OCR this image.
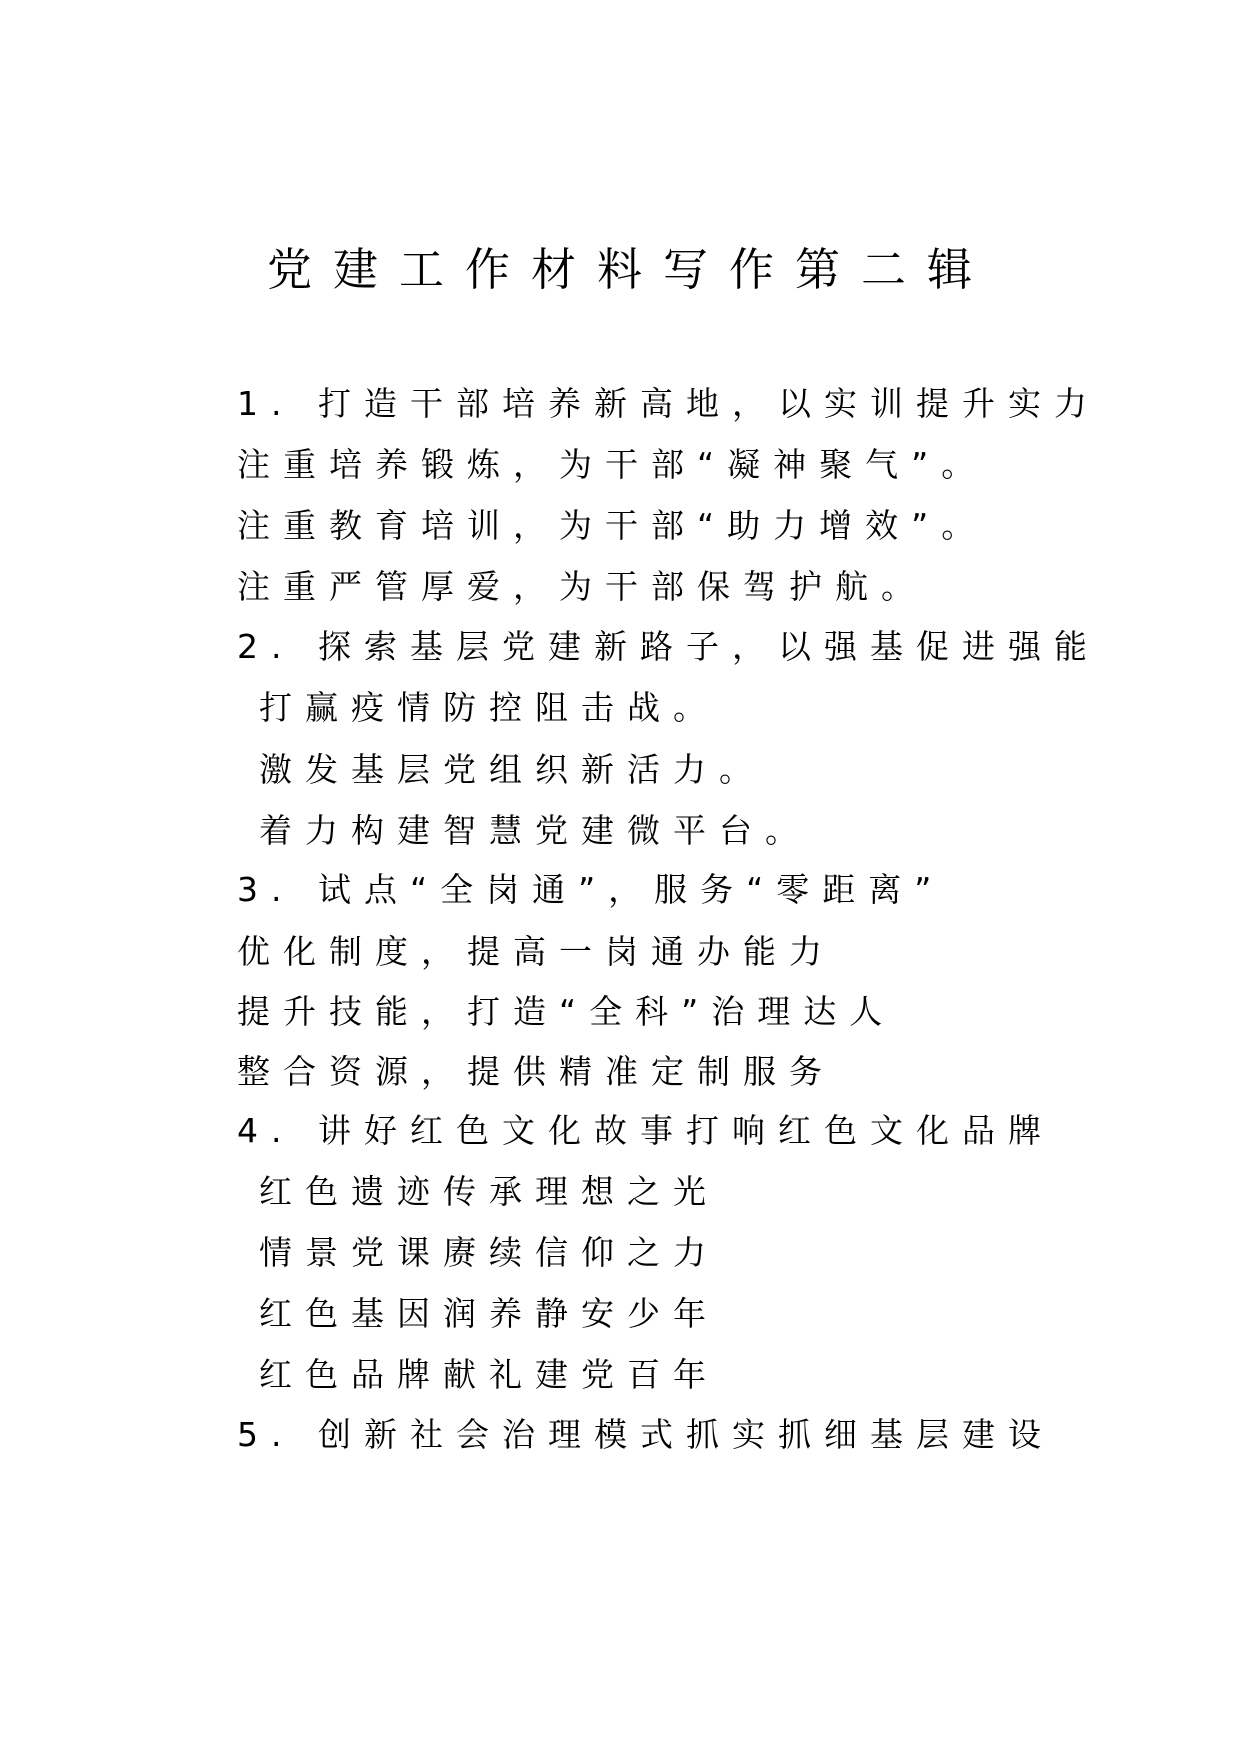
党建工作材料写作第二辑
1. 打造干部培养新高地，以实训提升实力
注重培养锻炼，为干部“凝神聚气”。
注重教育培训，为干部“助力增效”。
注重严管厚爱，为干部保驾护航。
2. 探索基层党建新路子，以强基促进强能
打赢疫情防控阻击战。
激发基层党组织新活力。
着力构建智慧党建微平台。
3. 试点“全岗通”，服务“零距离”
优化制度，提高一岗通办能力
提升技能，打造“全科”治理达人
整合资源，提供精准定制服务
4. 讲好红色文化故事打响红色文化品牌
红色遗迹传承理想之光
情景党课赓续信仰之力
红色基因润养静安少年
红色品牌献礼建党百年
5. 创新社会治理模式抓实抓细基层建设
